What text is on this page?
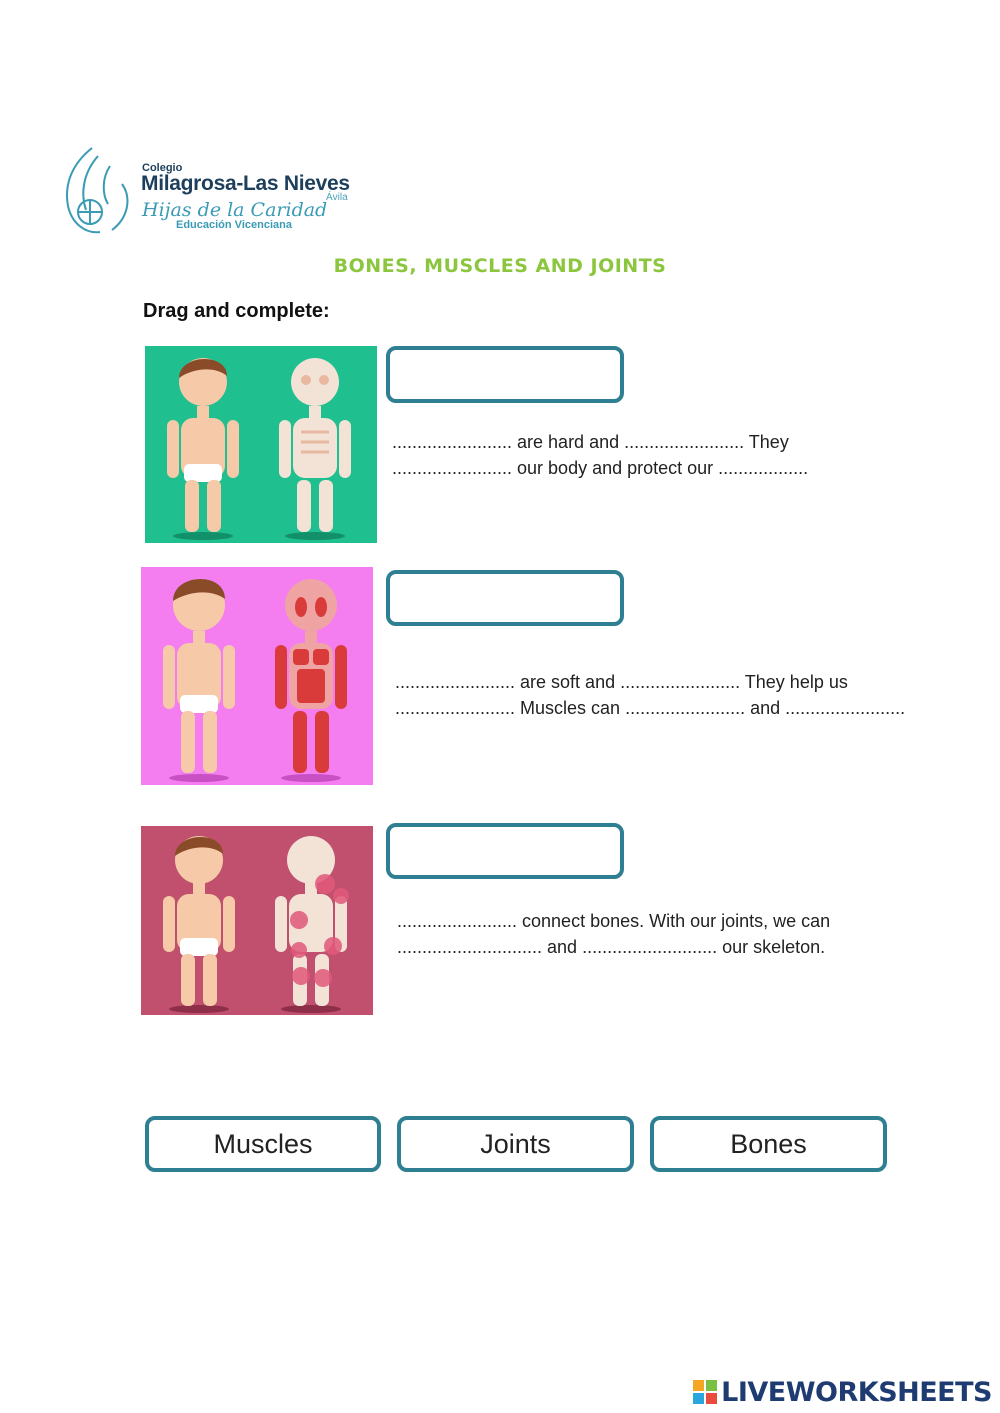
Colegio
Milagrosa-Las Nieves
Ávila
Hijas de la Caridad
Educación Vicenciana
BONES, MUSCLES AND JOINTS
Drag and complete:
........................ are hard and ........................ They
........................ our body and protect our ..................
........................ are soft and ........................ They help us
........................ Muscles can ........................ and ........................
........................ connect bones. With our joints, we can
............................. and ........................... our skeleton.
Muscles	Joints	Bones
LIVEWORKSHEETS
